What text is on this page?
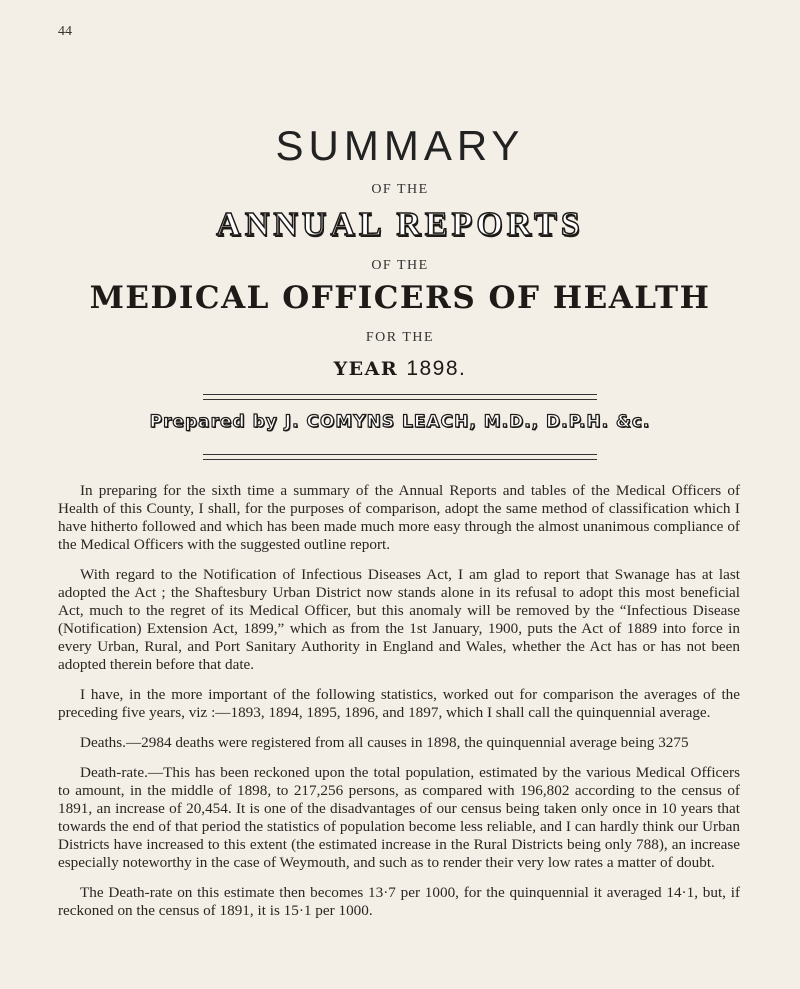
44
SUMMARY
OF THE
ANNUAL REPORTS
OF THE
MEDICAL OFFICERS OF HEALTH
FOR THE
YEAR 1898.
Prepared by J. COMYNS LEACH, M.D., D.P.H. &c.

In preparing for the sixth time a summary of the Annual Reports and tables of the Medical Officers of Health of this County, I shall, for the purposes of comparison, adopt the same method of classification which I have hitherto followed and which has been made much more easy through the almost unanimous compliance of the Medical Officers with the suggested outline report.

With regard to the Notification of Infectious Diseases Act, I am glad to report that Swanage has at last adopted the Act ; the Shaftesbury Urban District now stands alone in its refusal to adopt this most beneficial Act, much to the regret of its Medical Officer, but this anomaly will be removed by the “Infectious Disease (Notification) Extension Act, 1899,” which as from the 1st January, 1900, puts the Act of 1889 into force in every Urban, Rural, and Port Sanitary Authority in England and Wales, whether the Act has or has not been adopted therein before that date.

I have, in the more important of the following statistics, worked out for comparison the averages of the preceding five years, viz :—1893, 1894, 1895, 1896, and 1897, which I shall call the quinquennial average.

Deaths.—2984 deaths were registered from all causes in 1898, the quinquennial average being 3275

Death-rate.—This has been reckoned upon the total population, estimated by the various Medical Officers to amount, in the middle of 1898, to 217,256 persons, as compared with 196,802 according to the census of 1891, an increase of 20,454. It is one of the disadvantages of our census being taken only once in 10 years that towards the end of that period the statistics of population become less reliable, and I can hardly think our Urban Districts have increased to this extent (the estimated increase in the Rural Districts being only 788), an increase especially noteworthy in the case of Weymouth, and such as to render their very low rates a matter of doubt.

The Death-rate on this estimate then becomes 13·7 per 1000, for the quinquennial it averaged 14·1, but, if reckoned on the census of 1891, it is 15·1 per 1000.
